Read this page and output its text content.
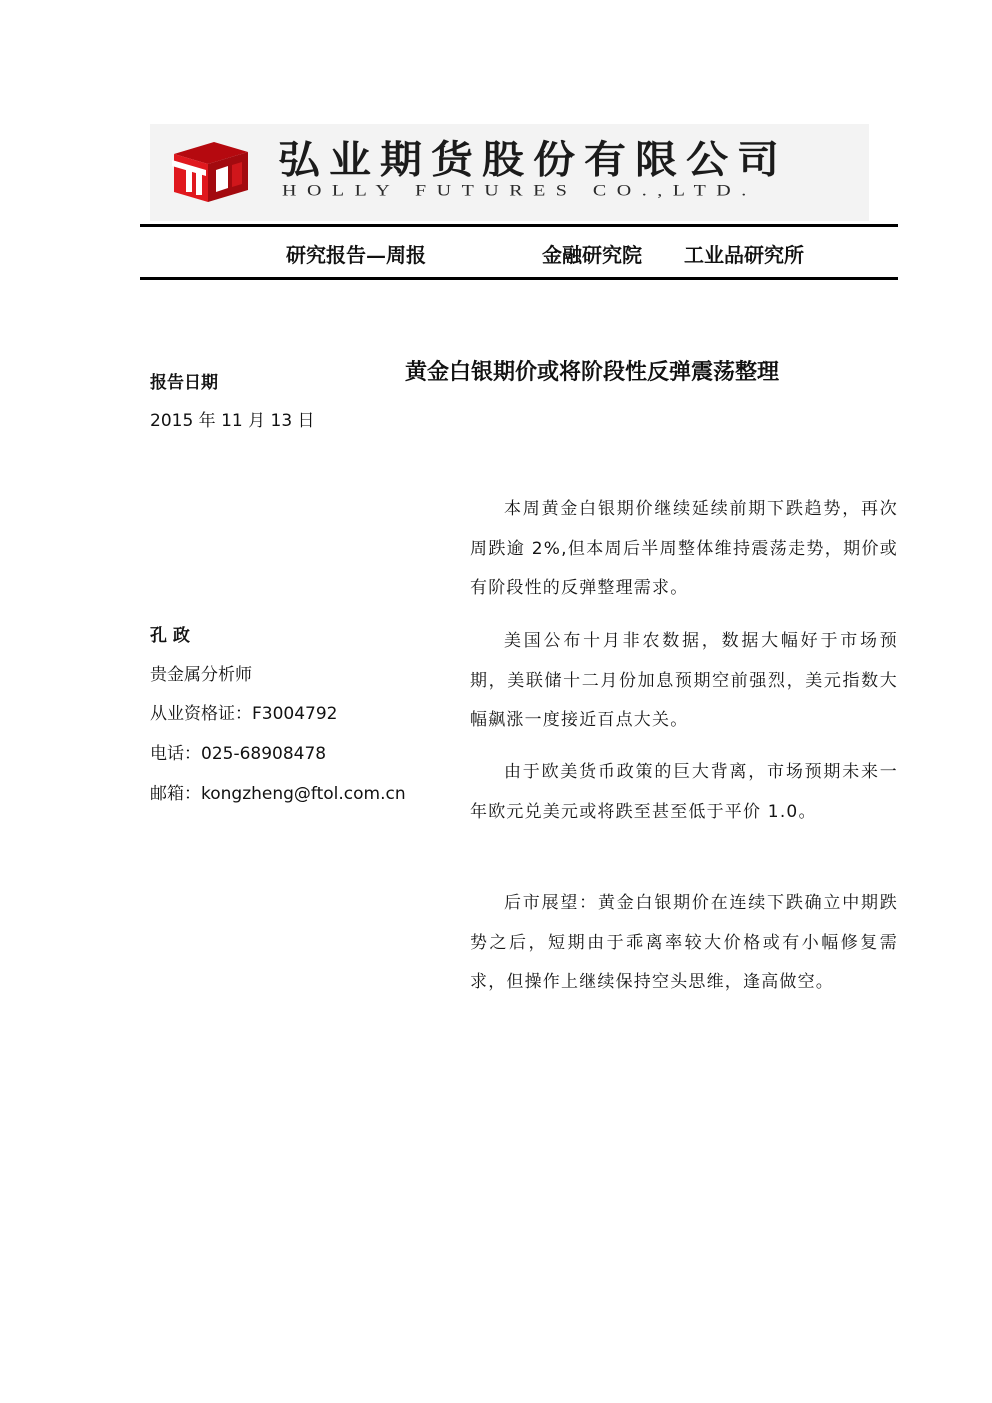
弘业期货股份有限公司
HOLLY FUTURES CO.,LTD.
研究报告—周报	金融研究院 工业品研究所
报告日期
2015 年 11 月 13 日
黄金白银期价或将阶段性反弹震荡整理
孔 政
贵金属分析师
从业资格证：F3004792
电话：025-68908478
邮箱：kongzheng@ftol.com.cn

本周黄金白银期价继续延续前期下跌趋势，再次周跌逾 2%,但本周后半周整体维持震荡走势，期价或有阶段性的反弹整理需求。

美国公布十月非农数据，数据大幅好于市场预期，美联储十二月份加息预期空前强烈，美元指数大幅飙涨一度接近百点大关。

由于欧美货币政策的巨大背离，市场预期未来一年欧元兑美元或将跌至甚至低于平价 1.0。

后市展望：黄金白银期价在连续下跌确立中期跌势之后，短期由于乖离率较大价格或有小幅修复需求，但操作上继续保持空头思维，逢高做空。
